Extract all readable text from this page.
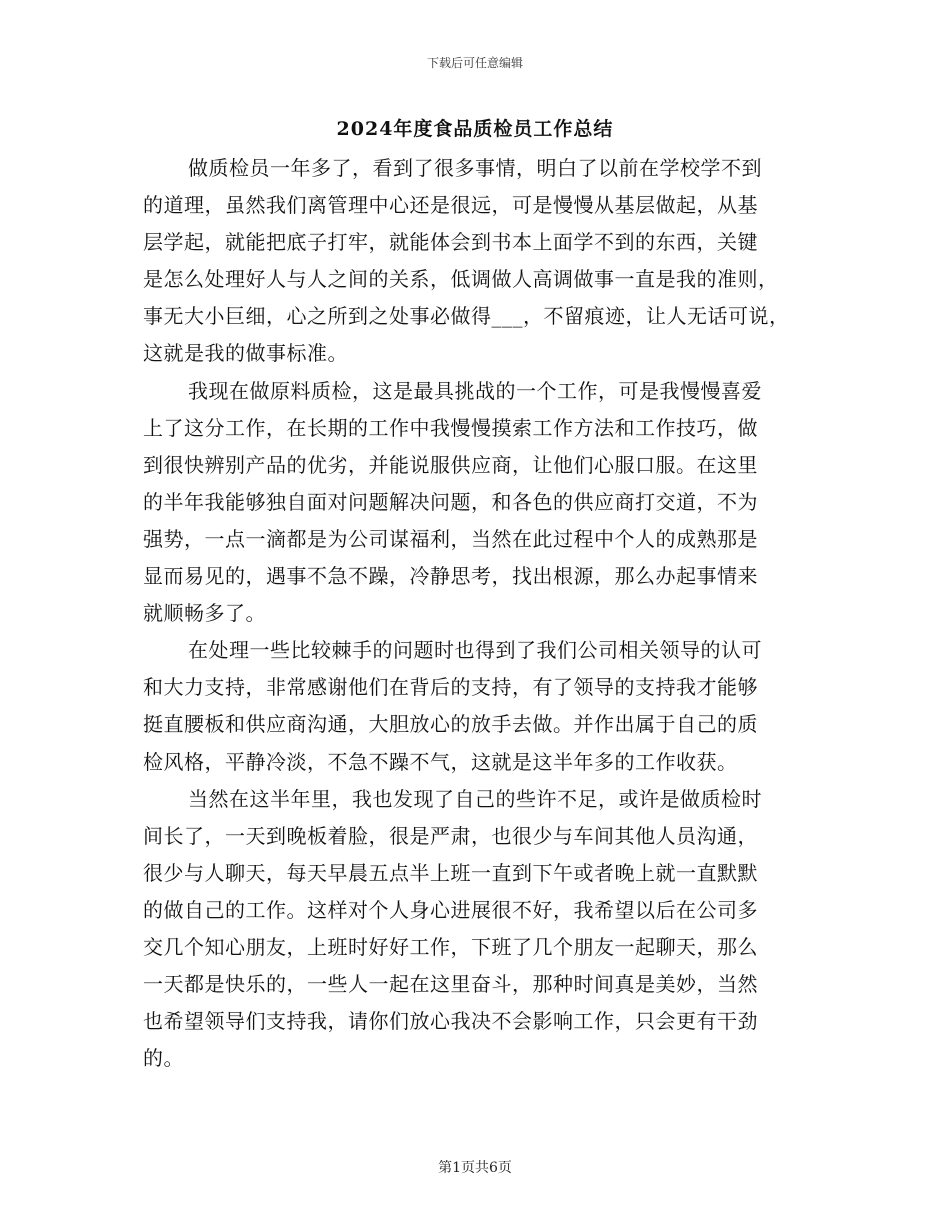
下载后可任意编辑
2024年度食品质检员工作总结
做质检员一年多了，看到了很多事情，明白了以前在学校学不到
的道理，虽然我们离管理中心还是很远，可是慢慢从基层做起，从基
层学起，就能把底子打牢，就能体会到书本上面学不到的东西，关键
是怎么处理好人与人之间的关系，低调做人高调做事一直是我的准则，
事无大小巨细，心之所到之处事必做得___，不留痕迹，让人无话可说，
这就是我的做事标准。
我现在做原料质检，这是最具挑战的一个工作，可是我慢慢喜爱
上了这分工作，在长期的工作中我慢慢摸索工作方法和工作技巧，做
到很快辨别产品的优劣，并能说服供应商，让他们心服口服。在这里
的半年我能够独自面对问题解决问题，和各色的供应商打交道，不为
强势，一点一滴都是为公司谋福利，当然在此过程中个人的成熟那是
显而易见的，遇事不急不躁，冷静思考，找出根源，那么办起事情来
就顺畅多了。
在处理一些比较棘手的问题时也得到了我们公司相关领导的认可
和大力支持，非常感谢他们在背后的支持，有了领导的支持我才能够
挺直腰板和供应商沟通，大胆放心的放手去做。并作出属于自己的质
检风格，平静冷淡，不急不躁不气，这就是这半年多的工作收获。
当然在这半年里，我也发现了自己的些许不足，或许是做质检时
间长了，一天到晚板着脸，很是严肃，也很少与车间其他人员沟通，
很少与人聊天，每天早晨五点半上班一直到下午或者晚上就一直默默
的做自己的工作。这样对个人身心进展很不好，我希望以后在公司多
交几个知心朋友，上班时好好工作，下班了几个朋友一起聊天，那么
一天都是快乐的，一些人一起在这里奋斗，那种时间真是美妙，当然
也希望领导们支持我，请你们放心我决不会影响工作，只会更有干劲
的。
第1页共6页
